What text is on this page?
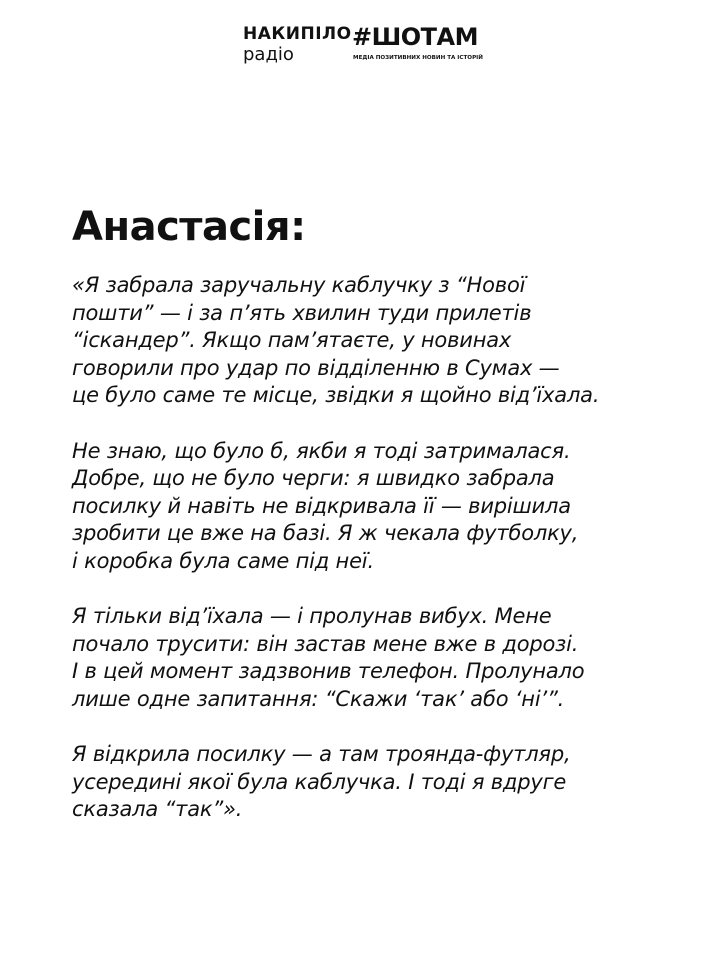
НАКИПІЛО
радіо
#ШОТАМ
МЕДІА ПОЗИТИВНИХ НОВИН ТА ІСТОРІЙ
Анастасія:

«Я забрала заручальну каблучку з “Нової
пошти” — і за п’ять хвилин туди прилетів
“іскандер”. Якщо пам’ятаєте, у новинах
говорили про удар по відділенню в Сумах —
це було саме те місце, звідки я щойно від’їхала.

Не знаю, що було б, якби я тоді затрималася.
Добре, що не було черги: я швидко забрала
посилку й навіть не відкривала її — вирішила
зробити це вже на базі. Я ж чекала футболку,
і коробка була саме під неї.

Я тільки від’їхала — і пролунав вибух. Мене
почало трусити: він застав мене вже в дорозі.
І в цей момент задзвонив телефон. Пролунало
лише одне запитання: “Скажи ‘так’ або ‘ні’”.

Я відкрила посилку — а там троянда-футляр,
усередині якої була каблучка. І тоді я вдруге
сказала “так”».
